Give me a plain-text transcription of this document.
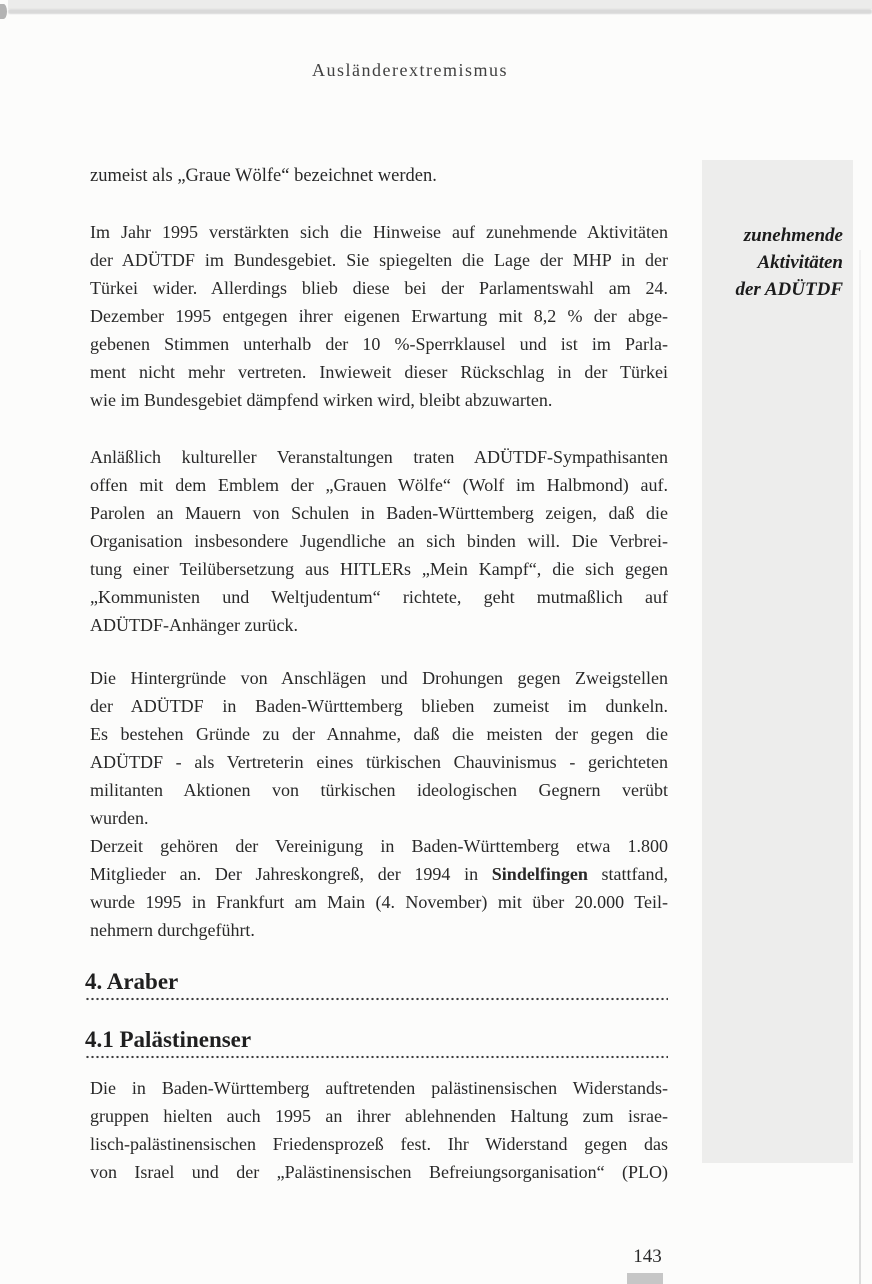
Ausländerextremismus
zumeist als „Graue Wölfe“ bezeichnet werden.
Im Jahr 1995 verstärkten sich die Hinweise auf zunehmende Aktivitäten
der ADÜTDF im Bundesgebiet. Sie spiegelten die Lage der MHP in der
Türkei wider. Allerdings blieb diese bei der Parlamentswahl am 24.
Dezember 1995 entgegen ihrer eigenen Erwartung mit 8,2 % der abge-
gebenen Stimmen unterhalb der 10 %-Sperrklausel und ist im Parla-
ment nicht mehr vertreten. Inwieweit dieser Rückschlag in der Türkei
wie im Bundesgebiet dämpfend wirken wird, bleibt abzuwarten.
Anläßlich kultureller Veranstaltungen traten ADÜTDF-Sympathisanten
offen mit dem Emblem der „Grauen Wölfe“ (Wolf im Halbmond) auf.
Parolen an Mauern von Schulen in Baden-Württemberg zeigen, daß die
Organisation insbesondere Jugendliche an sich binden will. Die Verbrei-
tung einer Teilübersetzung aus HITLERs „Mein Kampf“, die sich gegen
„Kommunisten und Weltjudentum“ richtete, geht mutmaßlich auf
ADÜTDF-Anhänger zurück.
Die Hintergründe von Anschlägen und Drohungen gegen Zweigstellen
der ADÜTDF in Baden-Württemberg blieben zumeist im dunkeln.
Es bestehen Gründe zu der Annahme, daß die meisten der gegen die
ADÜTDF - als Vertreterin eines türkischen Chauvinismus - gerichteten
militanten Aktionen von türkischen ideologischen Gegnern verübt
wurden.
Derzeit gehören der Vereinigung in Baden-Württemberg etwa 1.800
Mitglieder an. Der Jahreskongreß, der 1994 in Sindelfingen stattfand,
wurde 1995 in Frankfurt am Main (4. November) mit über 20.000 Teil-
nehmern durchgeführt.
4. Araber
4.1 Palästinenser
Die in Baden-Württemberg auftretenden palästinensischen Widerstands-
gruppen hielten auch 1995 an ihrer ablehnenden Haltung zum israe-
lisch-palästinensischen Friedensprozeß fest. Ihr Widerstand gegen das
von Israel und der „Palästinensischen Befreiungsorganisation“ (PLO)
zunehmende
Aktivitäten
der ADÜTDF
143
